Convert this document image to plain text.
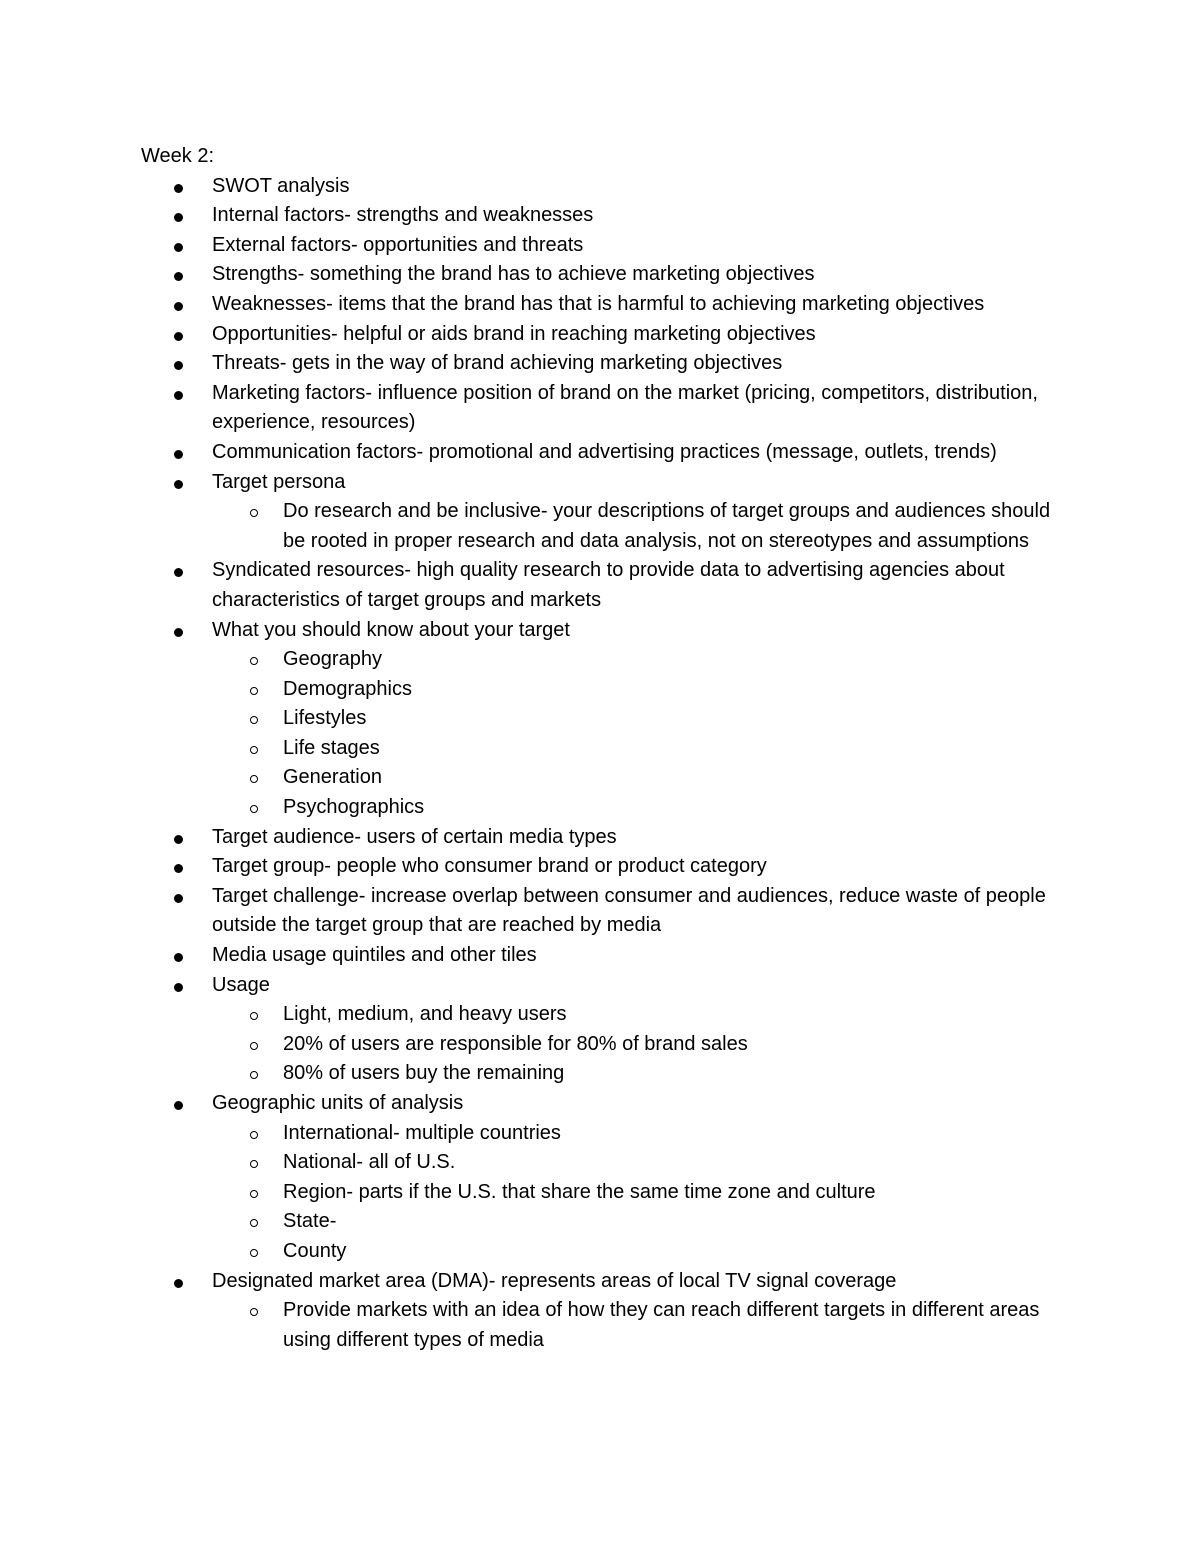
Week 2:
SWOT analysis
Internal factors- strengths and weaknesses
External factors- opportunities and threats
Strengths- something the brand has to achieve marketing objectives
Weaknesses- items that the brand has that is harmful to achieving marketing objectives
Opportunities- helpful or aids brand in reaching marketing objectives
Threats- gets in the way of brand achieving marketing objectives
Marketing factors- influence position of brand on the market (pricing, competitors, distribution, experience, resources)
Communication factors- promotional and advertising practices (message, outlets, trends)
Target persona
Do research and be inclusive- your descriptions of target groups and audiences should be rooted in proper research and data analysis, not on stereotypes and assumptions
Syndicated resources- high quality research to provide data to advertising agencies about characteristics of target groups and markets
What you should know about your target
Geography
Demographics
Lifestyles
Life stages
Generation
Psychographics
Target audience- users of certain media types
Target group- people who consumer brand or product category
Target challenge- increase overlap between consumer and audiences, reduce waste of people outside the target group that are reached by media
Media usage quintiles and other tiles
Usage
Light, medium, and heavy users
20% of users are responsible for 80% of brand sales
80% of users buy the remaining
Geographic units of analysis
International- multiple countries
National- all of U.S.
Region- parts if the U.S. that share the same time zone and culture
State-
County
Designated market area (DMA)- represents areas of local TV signal coverage
Provide markets with an idea of how they can reach different targets in different areas using different types of media
